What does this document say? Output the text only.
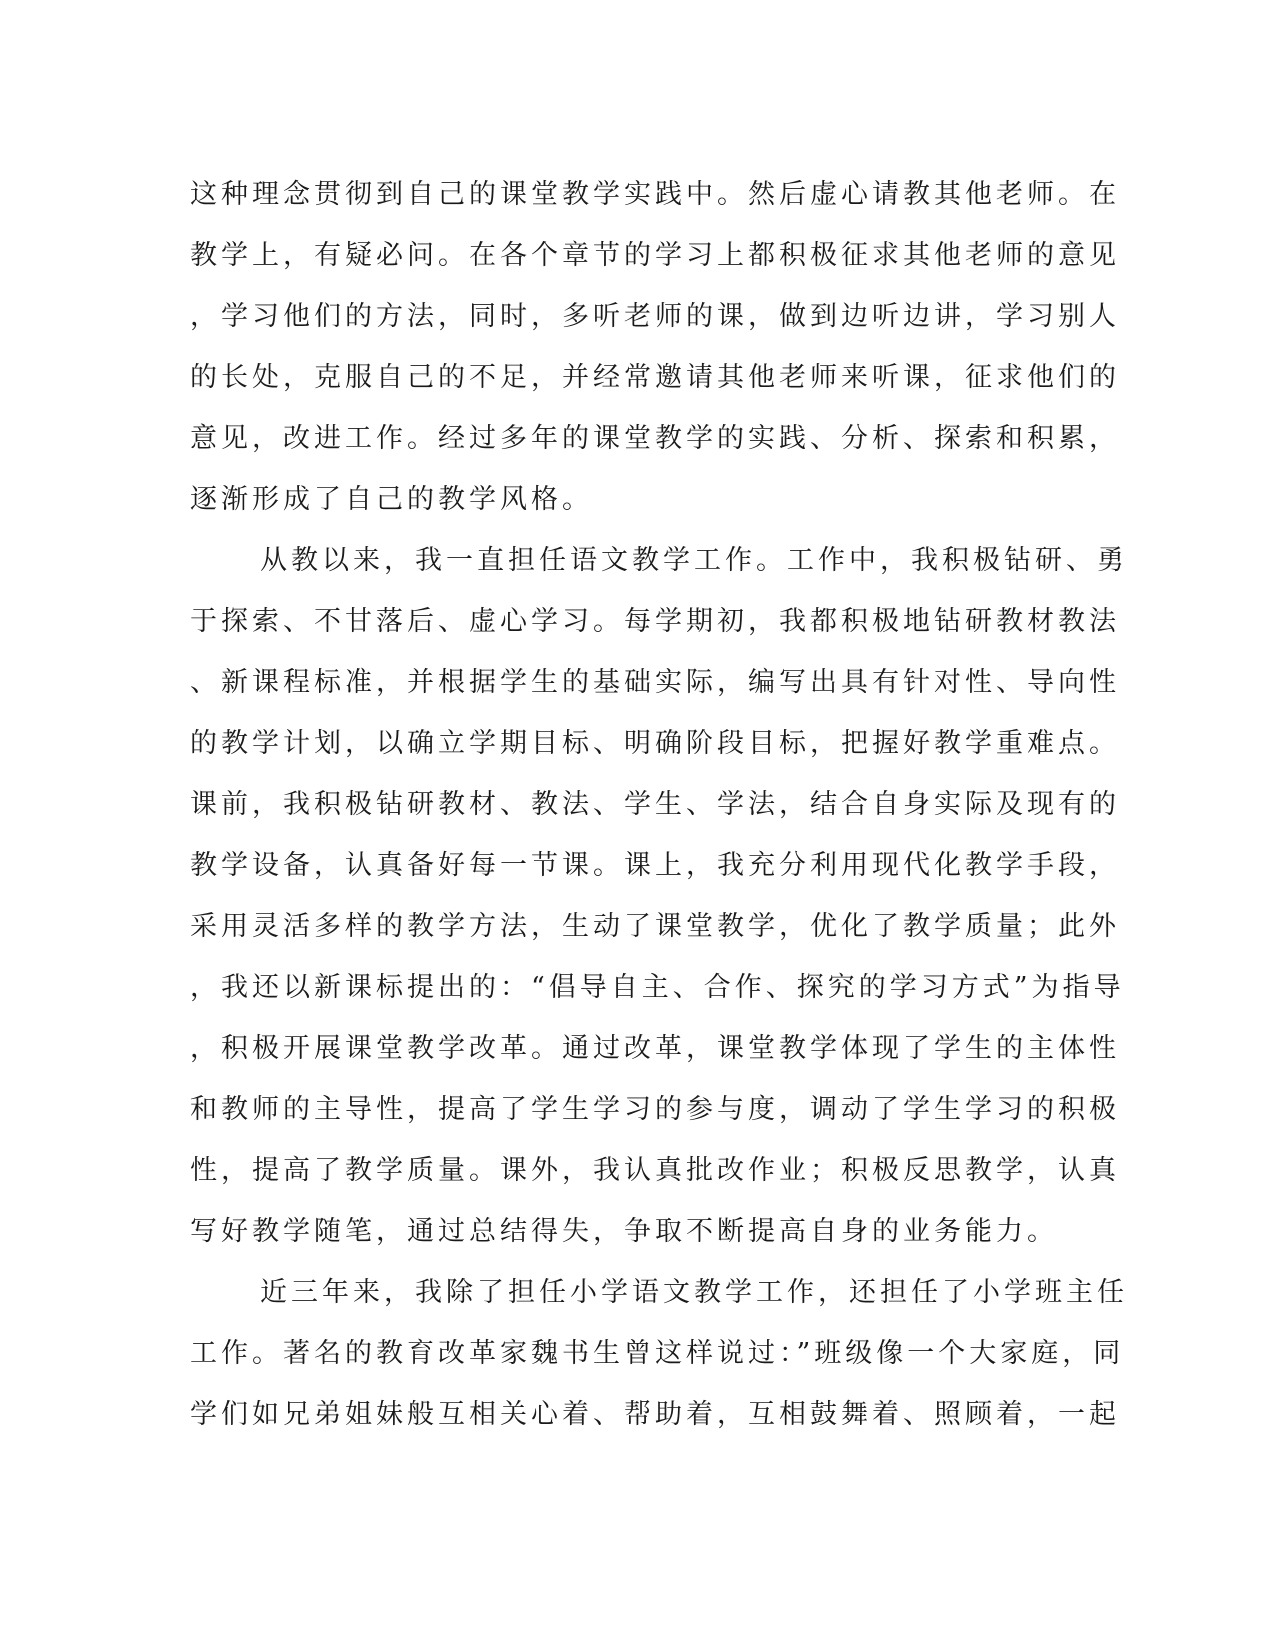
这种理念贯彻到自己的课堂教学实践中。然后虚心请教其他老师。在
教学上，有疑必问。在各个章节的学习上都积极征求其他老师的意见
，学习他们的方法，同时，多听老师的课，做到边听边讲，学习别人
的长处，克服自己的不足，并经常邀请其他老师来听课，征求他们的
意见，改进工作。经过多年的课堂教学的实践、分析、探索和积累，
逐渐形成了自己的教学风格。
从教以来，我一直担任语文教学工作。工作中，我积极钻研、勇
于探索、不甘落后、虚心学习。每学期初，我都积极地钻研教材教法
、新课程标准，并根据学生的基础实际，编写出具有针对性、导向性
的教学计划，以确立学期目标、明确阶段目标，把握好教学重难点。
课前，我积极钻研教材、教法、学生、学法，结合自身实际及现有的
教学设备，认真备好每一节课。课上，我充分利用现代化教学手段，
采用灵活多样的教学方法，生动了课堂教学，优化了教学质量；此外
，我还以新课标提出的：“倡导自主、合作、探究的学习方式”为指导
，积极开展课堂教学改革。通过改革，课堂教学体现了学生的主体性
和教师的主导性，提高了学生学习的参与度，调动了学生学习的积极
性，提高了教学质量。课外，我认真批改作业；积极反思教学，认真
写好教学随笔，通过总结得失，争取不断提高自身的业务能力。
近三年来，我除了担任小学语文教学工作，还担任了小学班主任
工作。著名的教育改革家魏书生曾这样说过：”班级像一个大家庭，同
学们如兄弟姐妹般互相关心着、帮助着，互相鼓舞着、照顾着，一起
